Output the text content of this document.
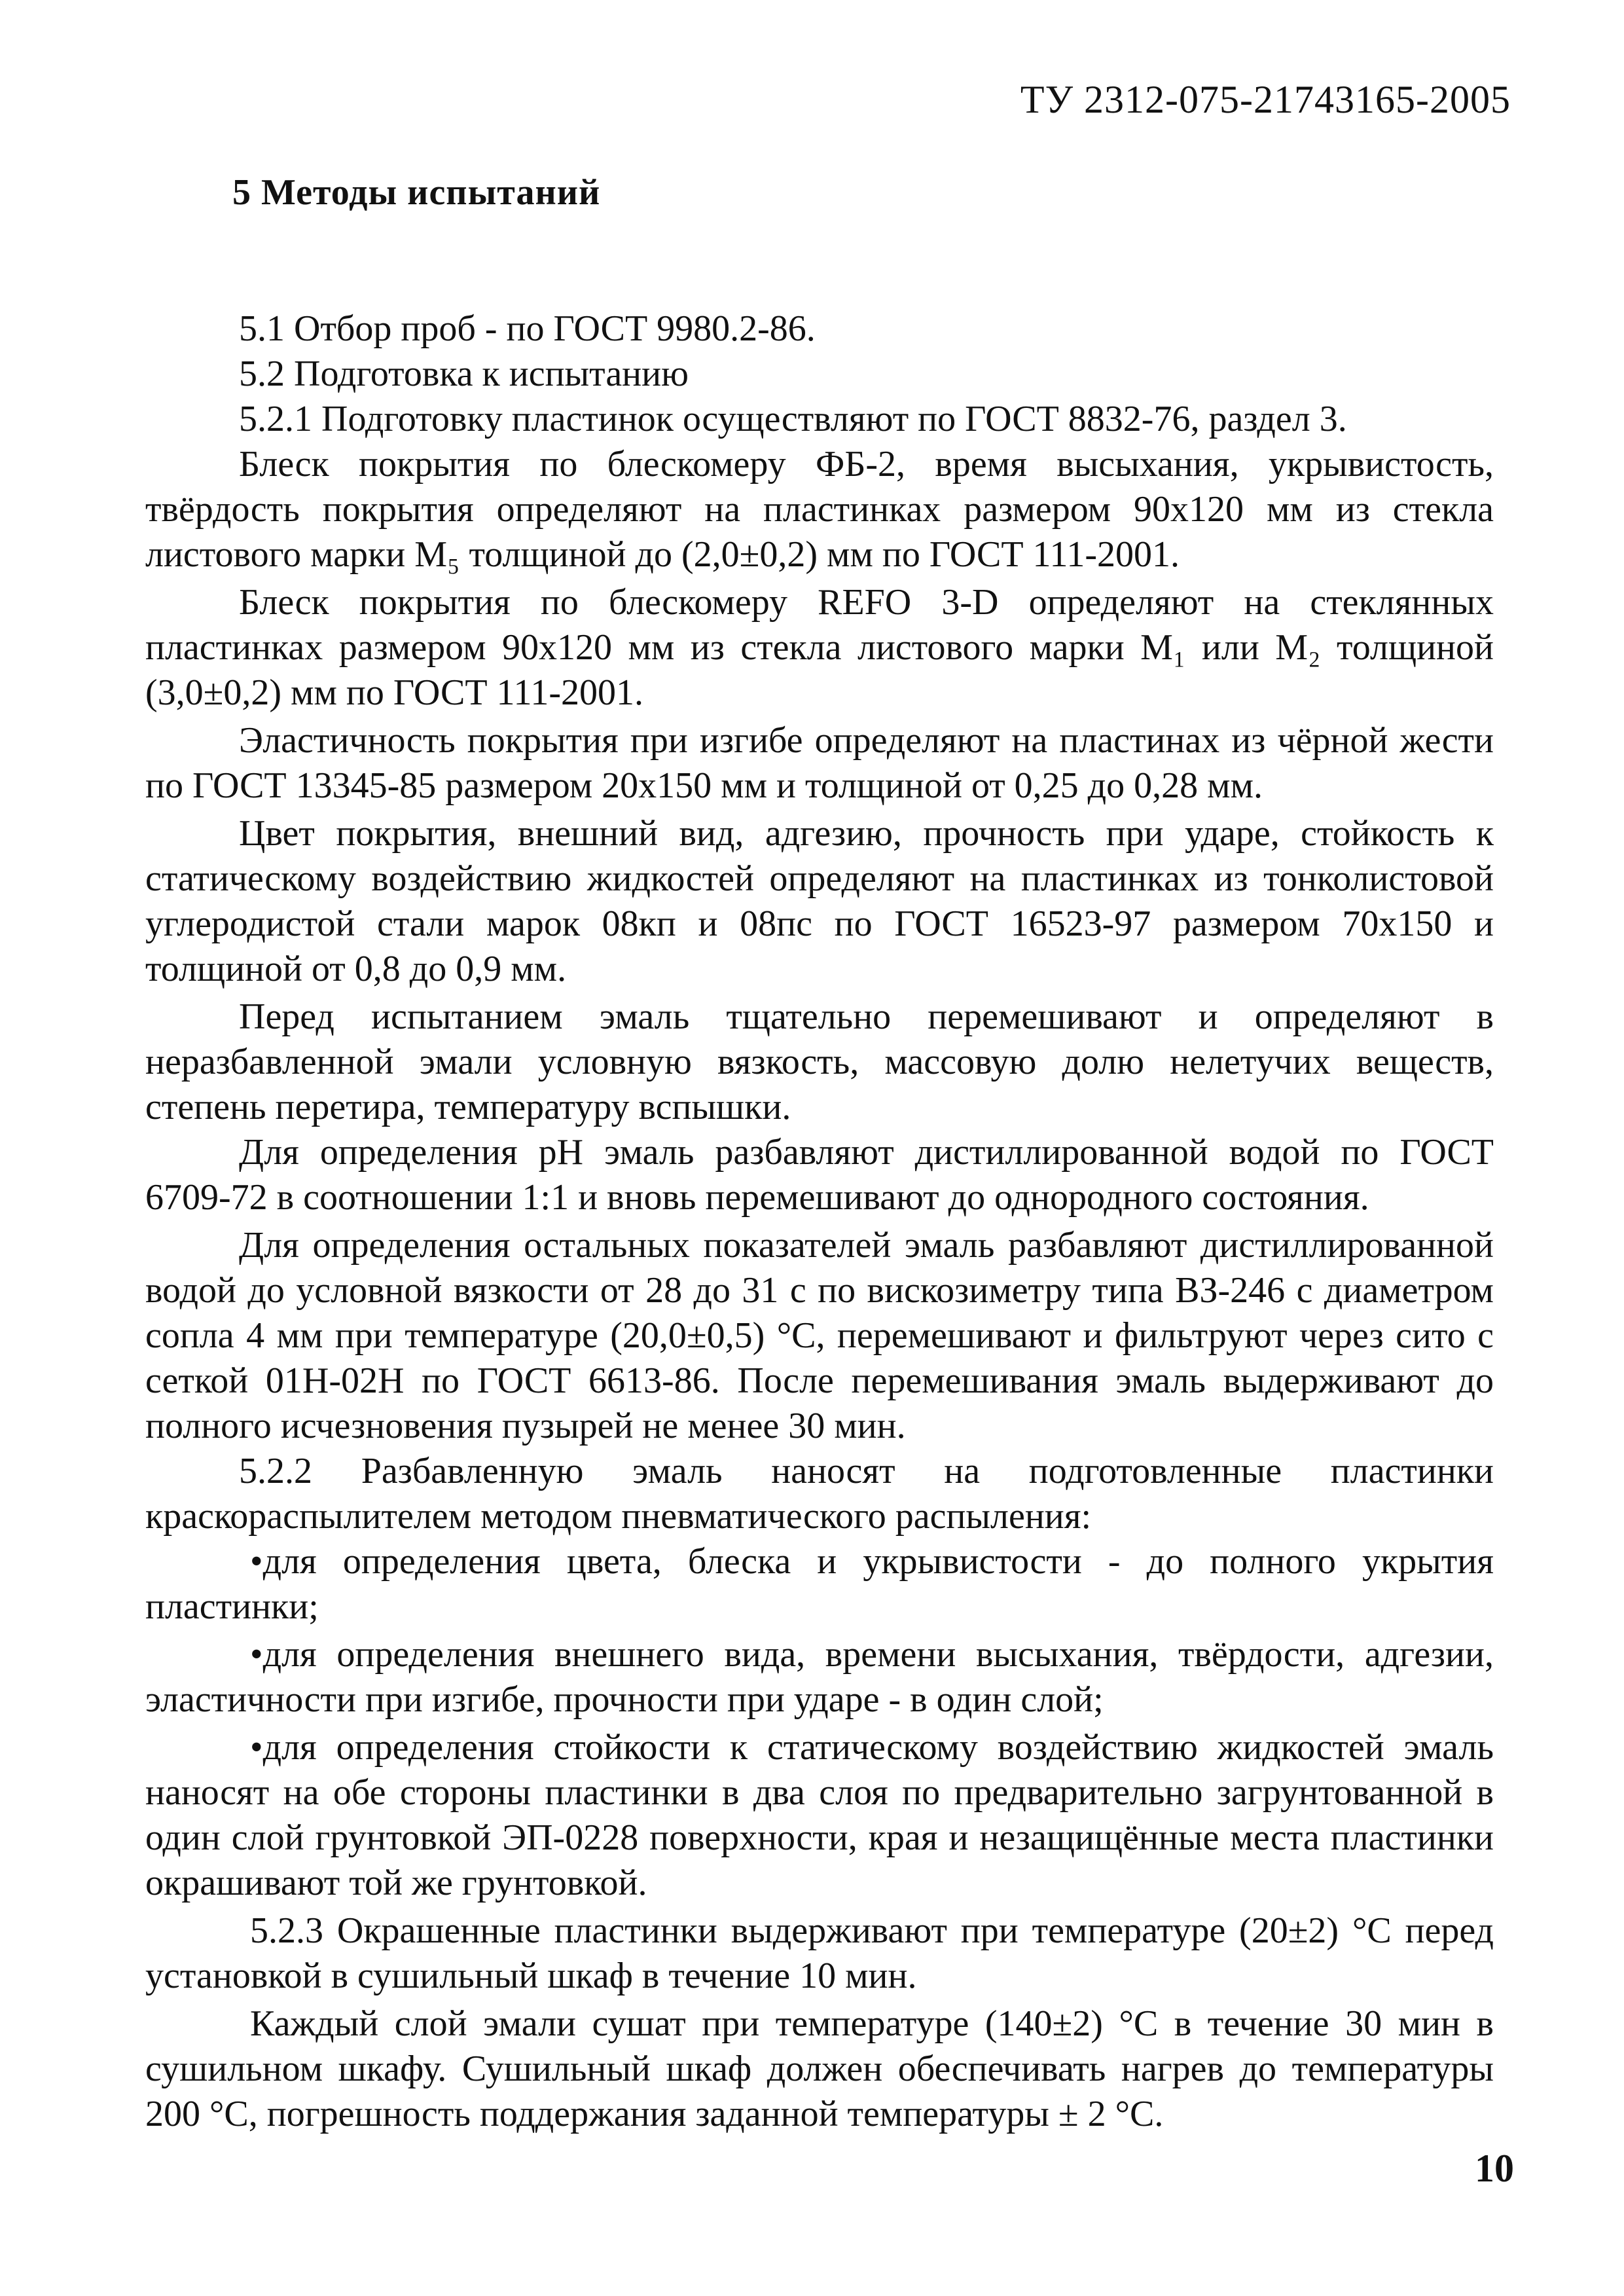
ТУ 2312-075-21743165-2005
5 Методы испытаний

5.1 Отбор проб - по ГОСТ 9980.2-86.

5.2 Подготовка к испытанию

5.2.1 Подготовку пластинок осуществляют по ГОСТ 8832-76, раздел 3.

Блеск покрытия по блескомеру ФБ-2, время высыхания, укрывистость, твёрдость покрытия определяют на пластинках размером 90х120 мм из стекла листового марки М₅ толщиной до (2,0±0,2) мм по ГОСТ 111-2001.

Блеск покрытия по блескомеру REFO 3-D определяют на стеклянных пластинках размером 90х120 мм из стекла листового марки М₁ или М₂ толщиной (3,0±0,2) мм по ГОСТ 111-2001.

Эластичность покрытия при изгибе определяют на пластинах из чёрной жести по ГОСТ 13345-85 размером 20х150 мм и толщиной от 0,25 до 0,28 мм.

Цвет покрытия, внешний вид, адгезию, прочность при ударе, стойкость к статическому воздействию жидкостей определяют на пластинках из тонколистовой углеродистой стали марок 08кп и 08пс по ГОСТ 16523-97 размером 70х150 и толщиной от 0,8 до 0,9 мм.

Перед испытанием эмаль тщательно перемешивают и определяют в неразбавленной эмали условную вязкость, массовую долю нелетучих веществ, степень перетира, температуру вспышки.

Для определения рН эмаль разбавляют дистиллированной водой по ГОСТ 6709-72 в соотношении 1:1 и вновь перемешивают до однородного состояния.

Для определения остальных показателей эмаль разбавляют дистиллированной водой до условной вязкости от 28 до 31 с по вискозиметру типа ВЗ-246 с диаметром сопла 4 мм при температуре (20,0±0,5) °С, перемешивают и фильтруют через сито с сеткой 01Н-02Н по ГОСТ 6613-86. После перемешивания эмаль выдерживают до полного исчезновения пузырей не менее 30 мин.

5.2.2 Разбавленную эмаль наносят на подготовленные пластинки краскораспылителем методом пневматического распыления:

•для определения цвета, блеска и укрывистости - до полного укрытия пластинки;

•для определения внешнего вида, времени высыхания, твёрдости, адгезии, эластичности при изгибе, прочности при ударе - в один слой;

•для определения стойкости к статическому воздействию жидкостей эмаль наносят на обе стороны пластинки в два слоя по предварительно загрунтованной в один слой грунтовкой ЭП-0228 поверхности, края и незащищённые места пластинки окрашивают той же грунтовкой.

5.2.3 Окрашенные пластинки выдерживают при температуре (20±2) °С перед установкой в сушильный шкаф в течение 10 мин.

Каждый слой эмали сушат при температуре (140±2) °С в течение 30 мин в сушильном шкафу. Сушильный шкаф должен обеспечивать нагрев до температуры 200 °С, погрешность поддержания заданной температуры ± 2 °С.

10
